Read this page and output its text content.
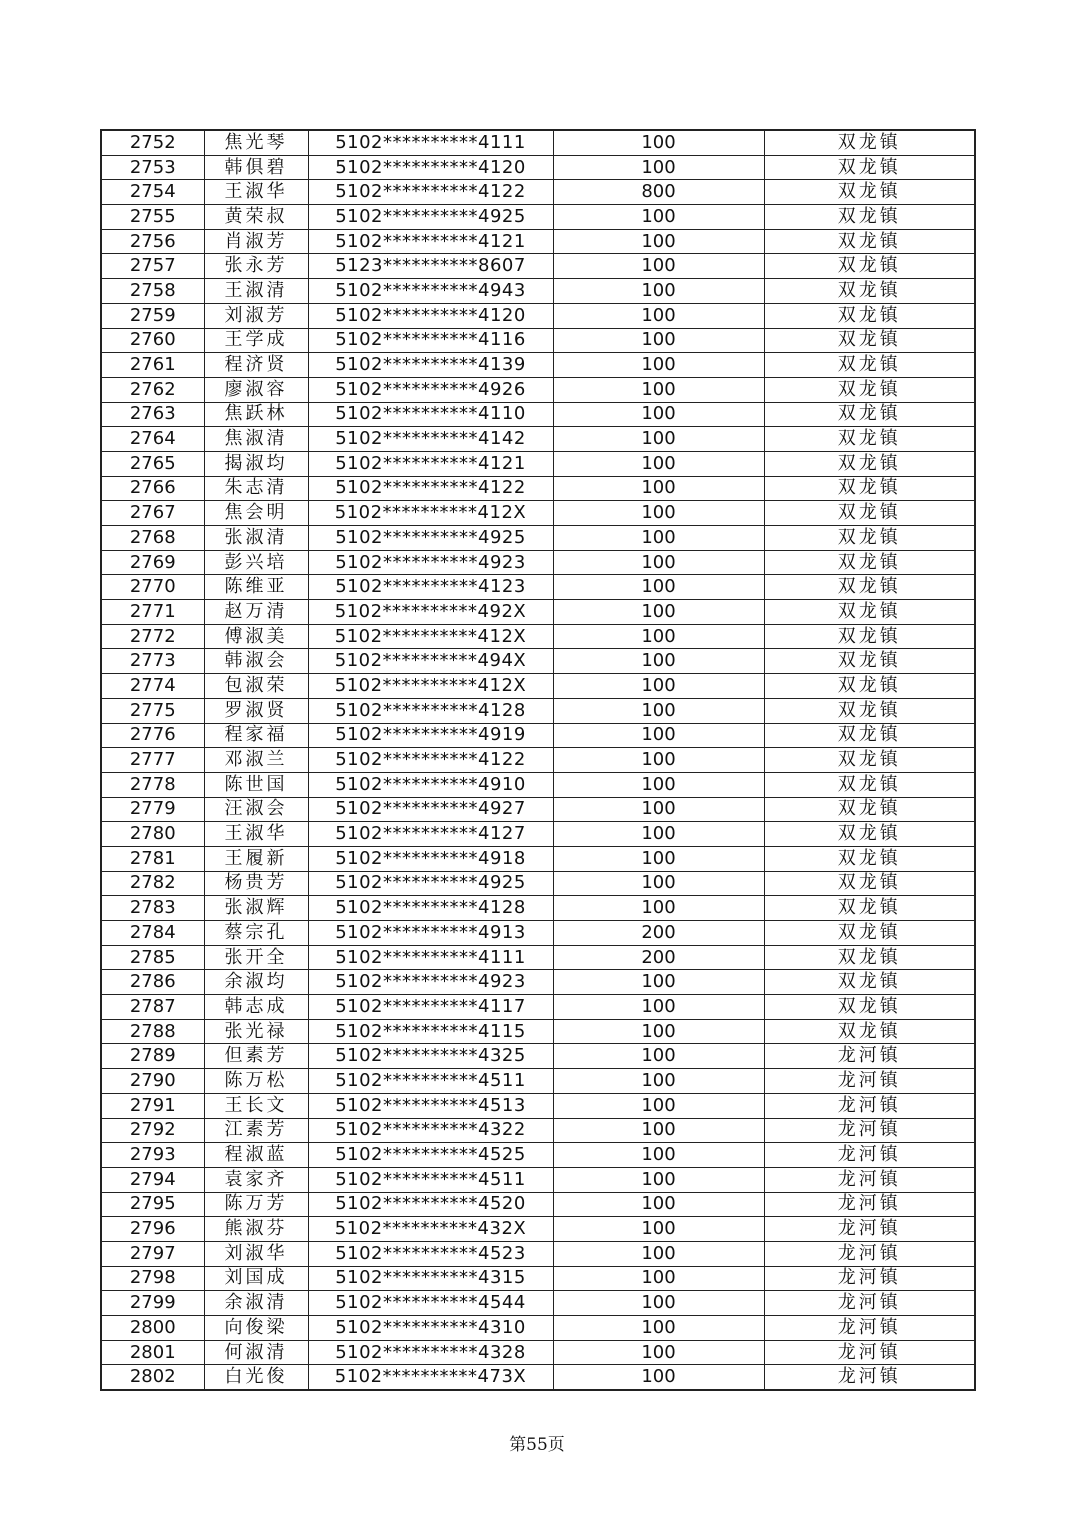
2752	焦光琴	5102**********4111	100	双龙镇
2753	韩俱碧	5102**********4120	100	双龙镇
2754	王淑华	5102**********4122	800	双龙镇
2755	黄荣叔	5102**********4925	100	双龙镇
2756	肖淑芳	5102**********4121	100	双龙镇
2757	张永芳	5123**********8607	100	双龙镇
2758	王淑清	5102**********4943	100	双龙镇
2759	刘淑芳	5102**********4120	100	双龙镇
2760	王学成	5102**********4116	100	双龙镇
2761	程济贤	5102**********4139	100	双龙镇
2762	廖淑容	5102**********4926	100	双龙镇
2763	焦跃林	5102**********4110	100	双龙镇
2764	焦淑清	5102**********4142	100	双龙镇
2765	揭淑均	5102**********4121	100	双龙镇
2766	朱志清	5102**********4122	100	双龙镇
2767	焦会明	5102**********412X	100	双龙镇
2768	张淑清	5102**********4925	100	双龙镇
2769	彭兴培	5102**********4923	100	双龙镇
2770	陈维亚	5102**********4123	100	双龙镇
2771	赵万清	5102**********492X	100	双龙镇
2772	傅淑美	5102**********412X	100	双龙镇
2773	韩淑会	5102**********494X	100	双龙镇
2774	包淑荣	5102**********412X	100	双龙镇
2775	罗淑贤	5102**********4128	100	双龙镇
2776	程家福	5102**********4919	100	双龙镇
2777	邓淑兰	5102**********4122	100	双龙镇
2778	陈世国	5102**********4910	100	双龙镇
2779	汪淑会	5102**********4927	100	双龙镇
2780	王淑华	5102**********4127	100	双龙镇
2781	王履新	5102**********4918	100	双龙镇
2782	杨贵芳	5102**********4925	100	双龙镇
2783	张淑辉	5102**********4128	100	双龙镇
2784	蔡宗孔	5102**********4913	200	双龙镇
2785	张开全	5102**********4111	200	双龙镇
2786	余淑均	5102**********4923	100	双龙镇
2787	韩志成	5102**********4117	100	双龙镇
2788	张光禄	5102**********4115	100	双龙镇
2789	但素芳	5102**********4325	100	龙河镇
2790	陈万松	5102**********4511	100	龙河镇
2791	王长文	5102**********4513	100	龙河镇
2792	江素芳	5102**********4322	100	龙河镇
2793	程淑蓝	5102**********4525	100	龙河镇
2794	袁家齐	5102**********4511	100	龙河镇
2795	陈万芳	5102**********4520	100	龙河镇
2796	熊淑芬	5102**********432X	100	龙河镇
2797	刘淑华	5102**********4523	100	龙河镇
2798	刘国成	5102**********4315	100	龙河镇
2799	余淑清	5102**********4544	100	龙河镇
2800	向俊梁	5102**********4310	100	龙河镇
2801	何淑清	5102**********4328	100	龙河镇
2802	白光俊	5102**********473X	100	龙河镇
第55页
